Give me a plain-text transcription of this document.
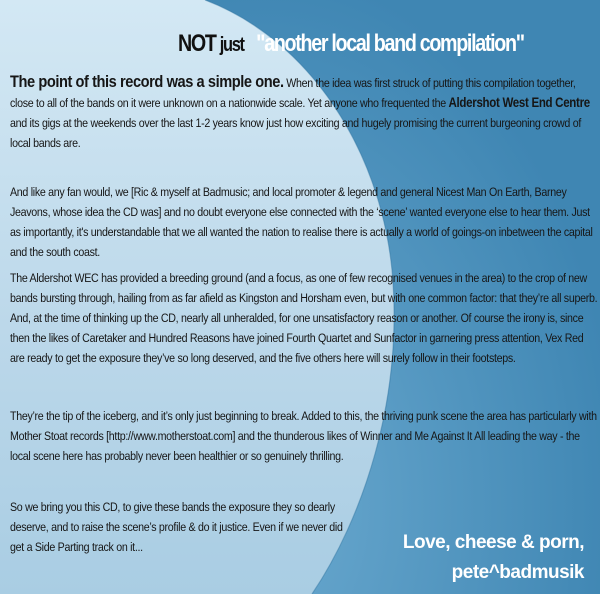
NOT just "another local band compilation"

The point of this record was a simple one. When the idea was first struck of putting this compilation together, close to all of the bands on it were unknown on a nationwide scale. Yet anyone who frequented the Aldershot West End Centre and its gigs at the weekends over the last 1-2 years know just how exciting and hugely promising the current burgeoning crowd of local bands are.

And like any fan would, we [Ric & myself at Badmusic; and local promoter & legend and general Nicest Man On Earth, Barney Jeavons, whose idea the CD was] and no doubt everyone else connected with the ‘scene’ wanted everyone else to hear them. Just as importantly, it's understandable that we all wanted the nation to realise there is actually a world of goings-on inbetween the capital and the south coast.

The Aldershot WEC has provided a breeding ground (and a focus, as one of few recognised venues in the area) to the crop of new bands bursting through, hailing from as far afield as Kingston and Horsham even, but with one common factor: that they’re all superb. And, at the time of thinking up the CD, nearly all unheralded, for one unsatisfactory reason or another. Of course the irony is, since then the likes of Caretaker and Hundred Reasons have joined Fourth Quartet and Sunfactor in garnering press attention, Vex Red are ready to get the exposure they’ve so long deserved, and the five others here will surely follow in their footsteps.

They’re the tip of the iceberg, and it’s only just beginning to break. Added to this, the thriving punk scene the area has particularly with Mother Stoat records [http://www.motherstoat.com] and the thunderous likes of Winner and Me Against It All leading the way - the local scene here has probably never been healthier or so genuinely thrilling.

So we bring you this CD, to give these bands the exposure they so dearly deserve, and to raise the scene’s profile & do it justice. Even if we never did get a Side Parting track on it...	Love, cheese & porn,
pete^badmusik
